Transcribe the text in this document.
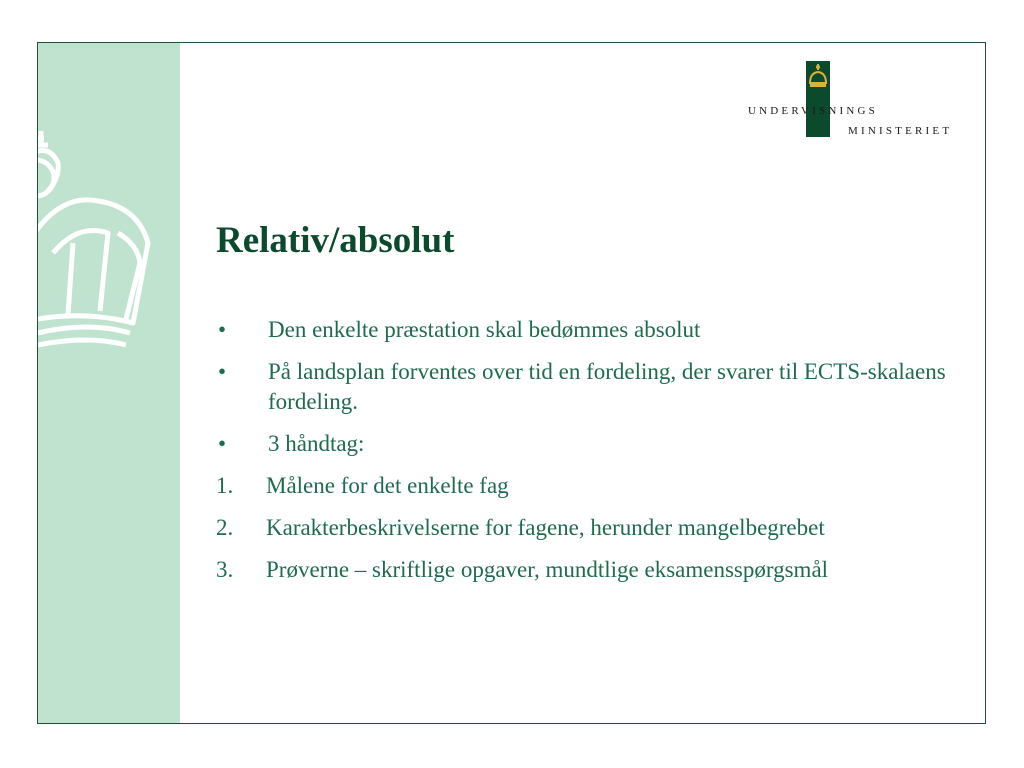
UNDERVISNINGS
MINISTERIET
Relativ/absolut
•	Den enkelte præstation skal bedømmes absolut
•	På landsplan forventes over tid en fordeling, der svarer til ECTS-skalaens fordeling.
•	3 håndtag:
1.	Målene for det enkelte fag
2.	Karakterbeskrivelserne for fagene, herunder mangelbegrebet
3.	Prøverne – skriftlige opgaver, mundtlige eksamensspørgsmål
